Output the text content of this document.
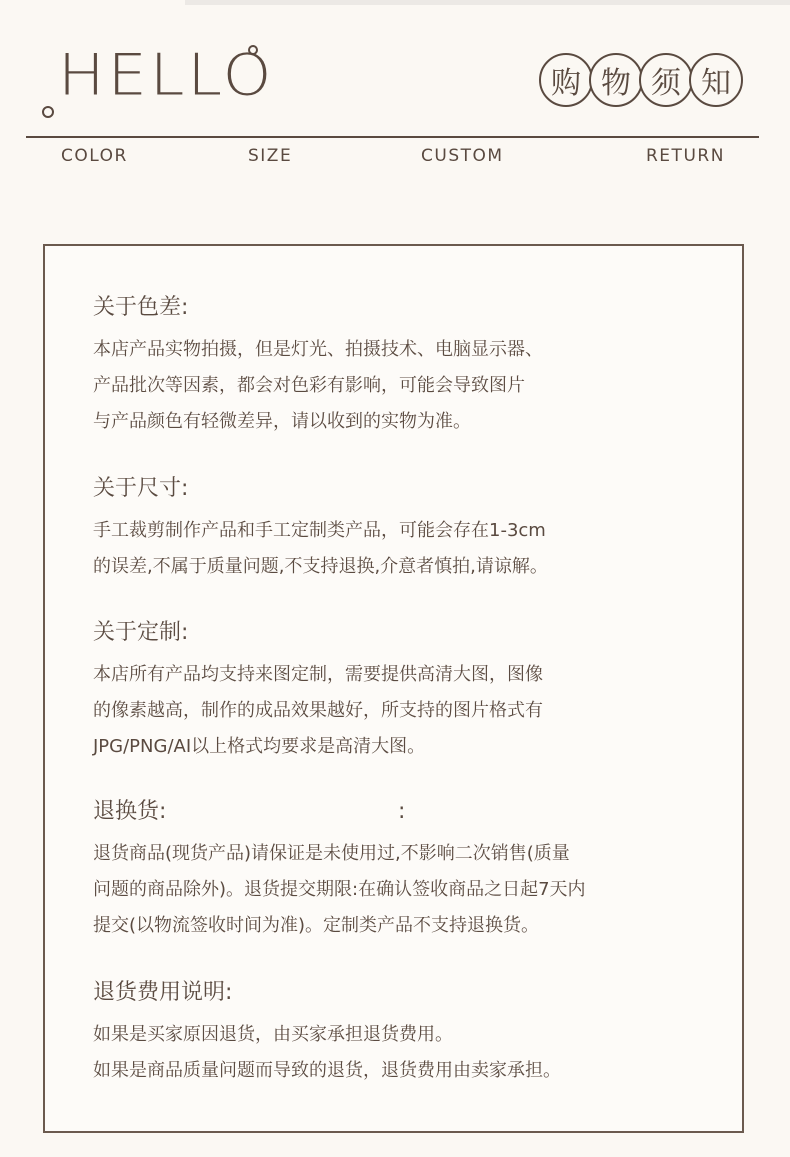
HELLO	购 物 须 知
COLOR	SIZE	CUSTOM	RETURN
关于色差:
本店产品实物拍摄，但是灯光、拍摄技术、电脑显示器、
产品批次等因素，都会对色彩有影响，可能会导致图片
与产品颜色有轻微差异，请以收到的实物为准。
关于尺寸:
手工裁剪制作产品和手工定制类产品，可能会存在1-3cm
的误差,不属于质量问题,不支持退换,介意者慎拍,请谅解。
关于定制:
本店所有产品均支持来图定制，需要提供高清大图，图像
的像素越高，制作的成品效果越好，所支持的图片格式有
JPG/PNG/AI以上格式均要求是高清大图。
退换货:	:
退货商品(现货产品)请保证是未使用过,不影响二次销售(质量
问题的商品除外)。退货提交期限:在确认签收商品之日起7天内
提交(以物流签收时间为准)。定制类产品不支持退换货。
退货费用说明:
如果是买家原因退货，由买家承担退货费用。
如果是商品质量问题而导致的退货，退货费用由卖家承担。
